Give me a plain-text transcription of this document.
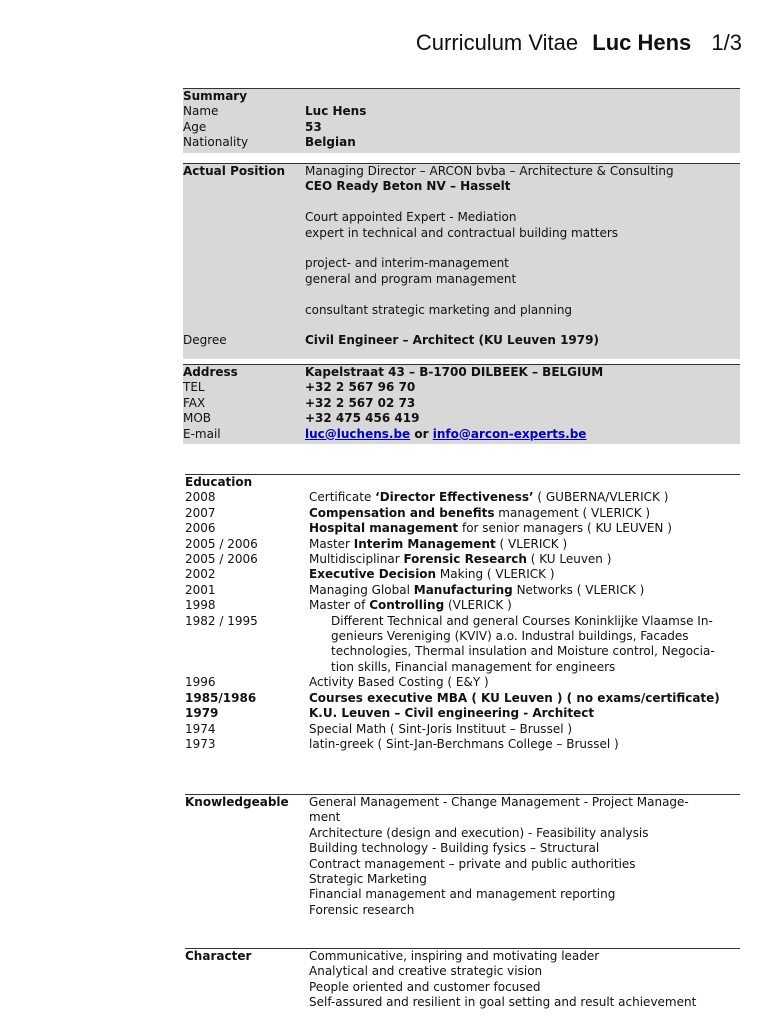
Curriculum Vitae Luc Hens 1/3
Summary
Name	Luc Hens
Age	53
Nationality	Belgian
Actual Position	Managing Director – ARCON bvba – Architecture & Consulting
CEO Ready Beton NV – Hasselt
Court appointed Expert - Mediation
expert in technical and contractual building matters
project- and interim-management
general and program management
consultant strategic marketing and planning
Degree	Civil Engineer – Architect (KU Leuven 1979)
Address	Kapelstraat 43 – B-1700 DILBEEK – BELGIUM
TEL	+32 2 567 96 70
FAX	+32 2 567 02 73
MOB	+32 475 456 419
E-mail	luc@luchens.be or info@arcon-experts.be
Education
2008	Certificate ‘Director Effectiveness’ ( GUBERNA/VLERICK )
2007	Compensation and benefits management ( VLERICK )
2006	Hospital management for senior managers ( KU LEUVEN )
2005 / 2006	Master Interim Management ( VLERICK )
2005 / 2006	Multidisciplinar Forensic Research ( KU Leuven )
2002	Executive Decision Making ( VLERICK )
2001	Managing Global Manufacturing Networks ( VLERICK )
1998	Master of Controlling (VLERICK )
1982 / 1995	Different Technical and general Courses Koninklijke Vlaamse In-
genieurs Vereniging (KVIV) a.o. Industral buildings, Facades
technologies, Thermal insulation and Moisture control, Negocia-
tion skills, Financial management for engineers
1996	Activity Based Costing ( E&Y )
1985/1986	Courses executive MBA ( KU Leuven ) ( no exams/certificate)
1979	K.U. Leuven – Civil engineering - Architect
1974	Special Math ( Sint-Joris Instituut – Brussel )
1973	latin-greek ( Sint-Jan-Berchmans College – Brussel )
Knowledgeable	General Management - Change Management - Project Manage-
ment
Architecture (design and execution) - Feasibility analysis
Building technology - Building fysics – Structural
Contract management – private and public authorities
Strategic Marketing
Financial management and management reporting
Forensic research
Character	Communicative, inspiring and motivating leader
Analytical and creative strategic vision
People oriented and customer focused
Self-assured and resilient in goal setting and result achievement
